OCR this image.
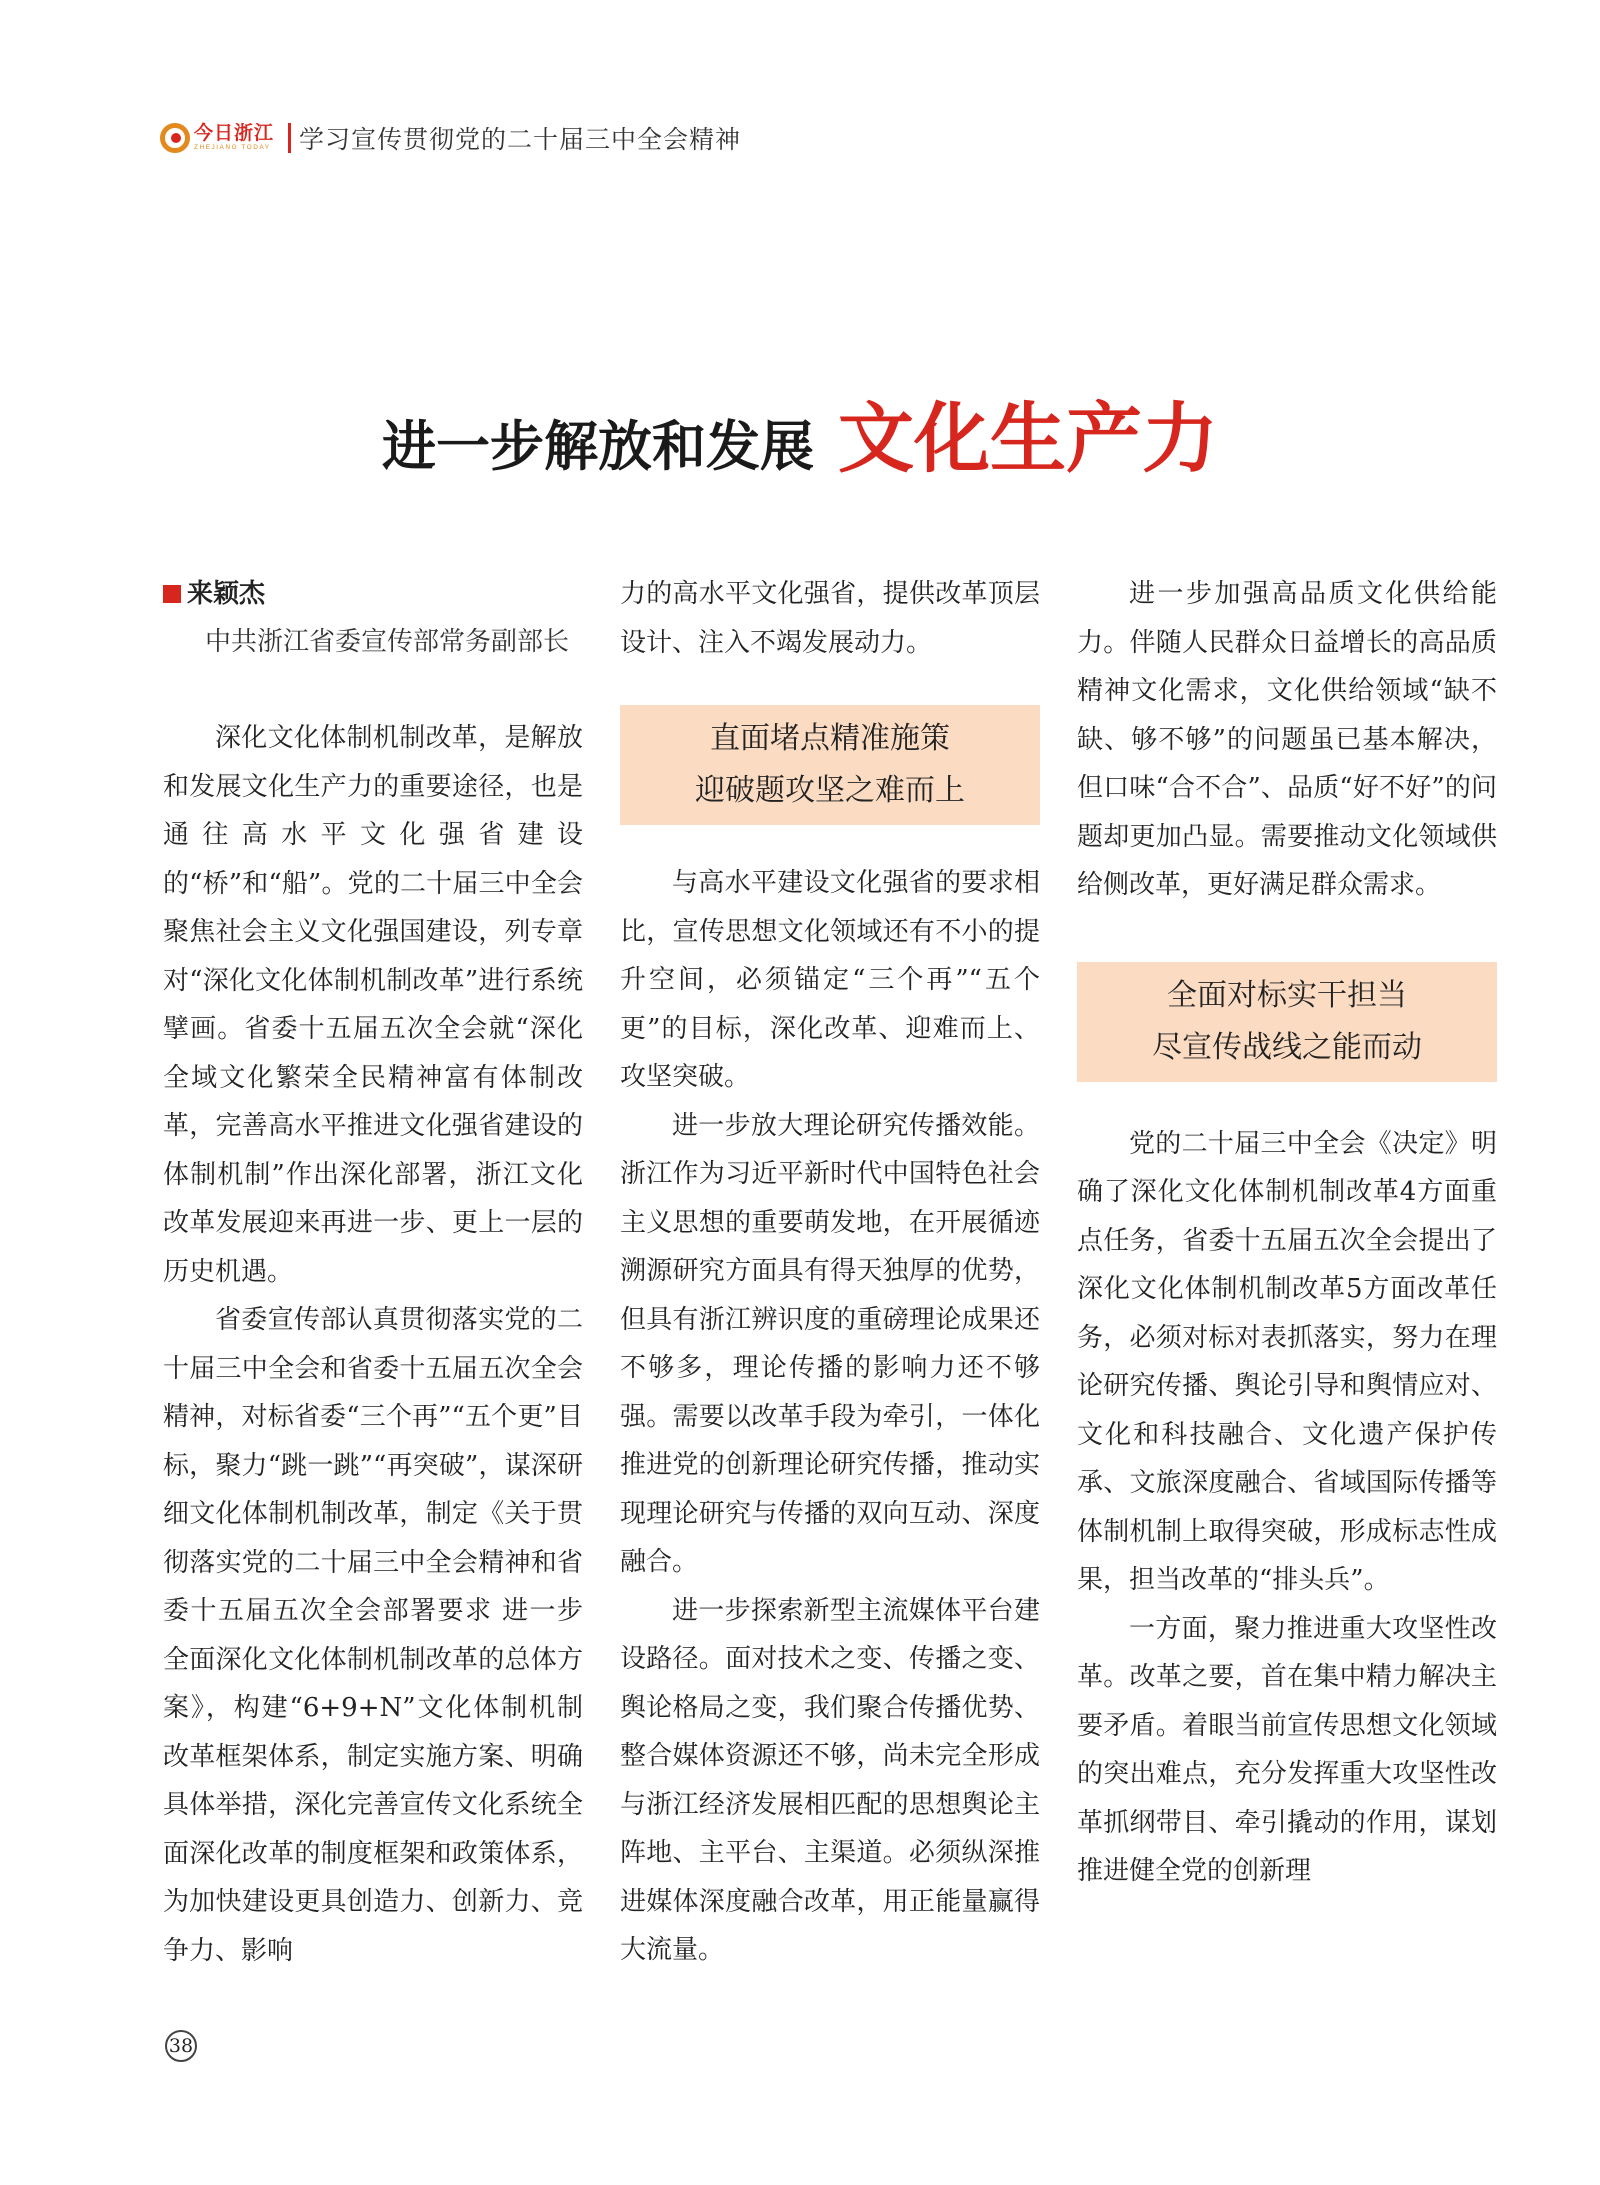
今日浙江
ZHEJIANG TODAY 学习宣传贯彻党的二十届三中全会精神
进一步解放和发展 文化生产力
来颖杰
中共浙江省委宣传部常务副部长

深化文化体制机制改革，是解放和发展文化生产力的重要途径，也是通往高水平文化强省建设的“桥”和“船”。党的二十届三中全会聚焦社会主义文化强国建设，列专章对“深化文化体制机制改革”进行系统擘画。省委十五届五次全会就“深化全域文化繁荣全民精神富有体制改革，完善高水平推进文化强省建设的体制机制”作出深化部署，浙江文化改革发展迎来再进一步、更上一层的历史机遇。

省委宣传部认真贯彻落实党的二十届三中全会和省委十五届五次全会精神，对标省委“三个再”“五个更”目标，聚力“跳一跳”“再突破”，谋深研细文化体制机制改革，制定《关于贯彻落实党的二十届三中全会精神和省委十五届五次全会部署要求 进一步全面深化文化体制机制改革的总体方案》，构建“6+9+N”文化体制机制改革框架体系，制定实施方案、明确具体举措，深化完善宣传文化系统全面深化改革的制度框架和政策体系，为加快建设更具创造力、创新力、竞争力、影响

力的高水平文化强省，提供改革顶层设计、注入不竭发展动力。

直面堵点精准施策
迎破题攻坚之难而上

与高水平建设文化强省的要求相比，宣传思想文化领域还有不小的提升空间，必须锚定“三个再”“五个更”的目标，深化改革、迎难而上、攻坚突破。

进一步放大理论研究传播效能。浙江作为习近平新时代中国特色社会主义思想的重要萌发地，在开展循迹溯源研究方面具有得天独厚的优势，但具有浙江辨识度的重磅理论成果还不够多，理论传播的影响力还不够强。需要以改革手段为牵引，一体化推进党的创新理论研究传播，推动实现理论研究与传播的双向互动、深度融合。

进一步探索新型主流媒体平台建设路径。面对技术之变、传播之变、舆论格局之变，我们聚合传播优势、整合媒体资源还不够，尚未完全形成与浙江经济发展相匹配的思想舆论主阵地、主平台、主渠道。必须纵深推进媒体深度融合改革，用正能量赢得大流量。

进一步加强高品质文化供给能力。伴随人民群众日益增长的高品质精神文化需求，文化供给领域“缺不缺、够不够”的问题虽已基本解决，但口味“合不合”、品质“好不好”的问题却更加凸显。需要推动文化领域供给侧改革，更好满足群众需求。

全面对标实干担当
尽宣传战线之能而动

党的二十届三中全会《决定》明确了深化文化体制机制改革4方面重点任务，省委十五届五次全会提出了深化文化体制机制改革5方面改革任务，必须对标对表抓落实，努力在理论研究传播、舆论引导和舆情应对、文化和科技融合、文化遗产保护传承、文旅深度融合、省域国际传播等体制机制上取得突破，形成标志性成果，担当改革的“排头兵”。

一方面，聚力推进重大攻坚性改革。改革之要，首在集中精力解决主要矛盾。着眼当前宣传思想文化领域的突出难点，充分发挥重大攻坚性改革抓纲带目、牵引撬动的作用，谋划推进健全党的创新理

38
